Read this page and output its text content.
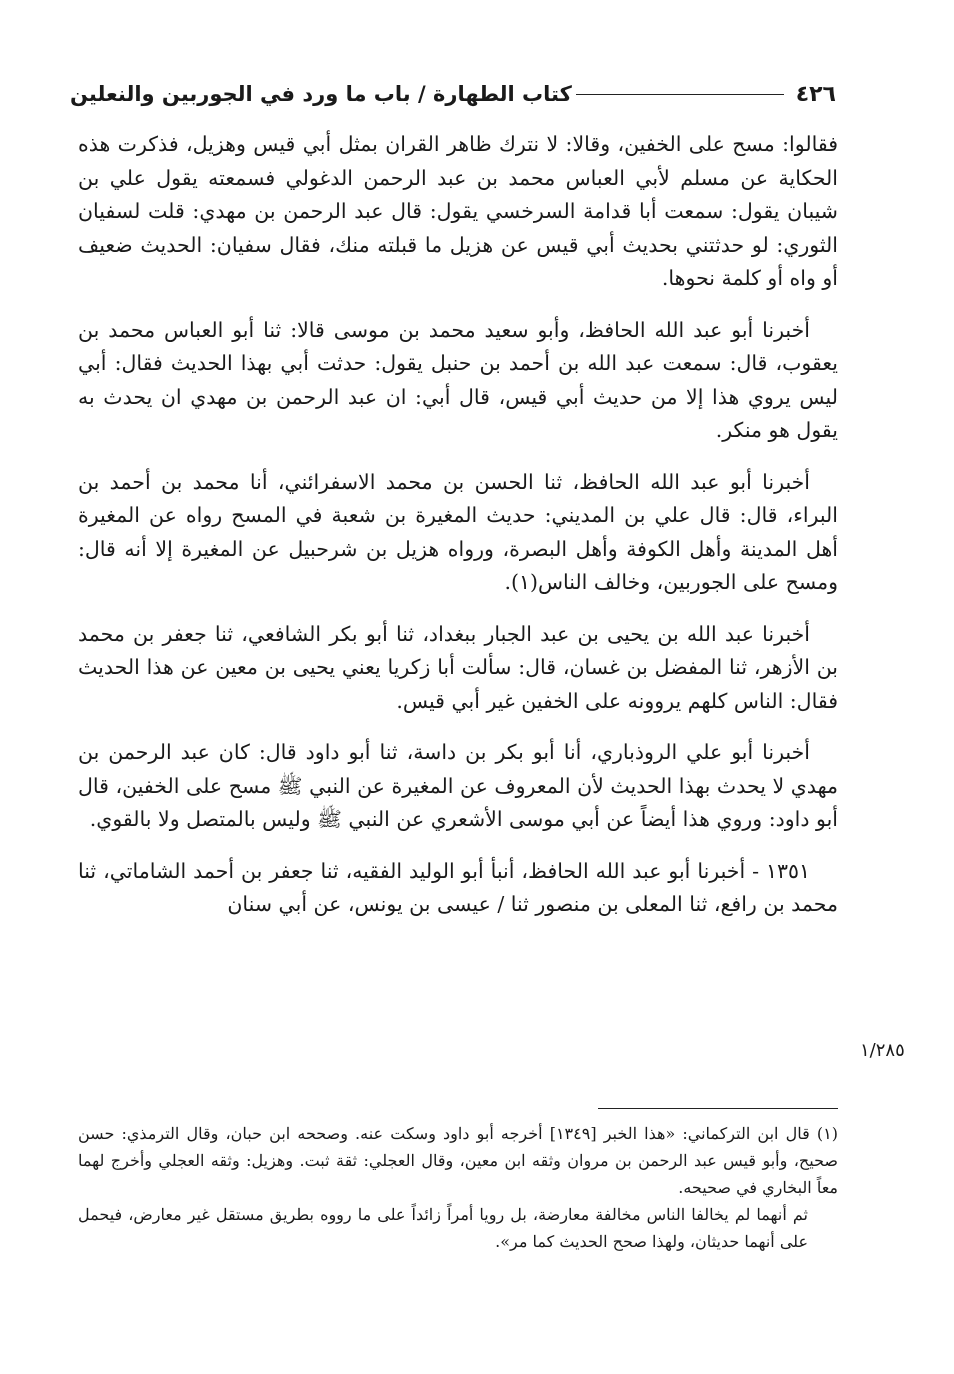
٤٢٦
كتاب الطهارة / باب ما ورد في الجوربين والنعلين

فقالوا: مسح على الخفين، وقالا: لا نترك ظاهر القران بمثل أبي قيس وهزيل، فذكرت هذه الحكاية عن مسلم لأبي العباس محمد بن عبد الرحمن الدغولي فسمعته يقول علي بن شيبان يقول: سمعت أبا قدامة السرخسي يقول: قال عبد الرحمن بن مهدي: قلت لسفيان الثوري: لو حدثتني بحديث أبي قيس عن هزيل ما قبلته منك، فقال سفيان: الحديث ضعيف أو واه أو كلمة نحوها.

أخبرنا أبو عبد الله الحافظ، وأبو سعيد محمد بن موسى قالا: ثنا أبو العباس محمد بن يعقوب، قال: سمعت عبد الله بن أحمد بن حنبل يقول: حدثت أبي بهذا الحديث فقال: أبي ليس يروي هذا إلا من حديث أبي قيس، قال أبي: ان عبد الرحمن بن مهدي ان يحدث به يقول هو منكر.

أخبرنا أبو عبد الله الحافظ، ثنا الحسن بن محمد الاسفرائني، أنا محمد بن أحمد بن البراء، قال: قال علي بن المديني: حديث المغيرة بن شعبة في المسح رواه عن المغيرة أهل المدينة وأهل الكوفة وأهل البصرة، ورواه هزيل بن شرحبيل عن المغيرة إلا أنه قال: ومسح على الجوربين، وخالف الناس(١).

أخبرنا عبد الله بن يحيى بن عبد الجبار ببغداد، ثنا أبو بكر الشافعي، ثنا جعفر بن محمد بن الأزهر، ثنا المفضل بن غسان، قال: سألت أبا زكريا يعني يحيى بن معين عن هذا الحديث فقال: الناس كلهم يروونه على الخفين غير أبي قيس.

أخبرنا أبو علي الروذباري، أنا أبو بكر بن داسة، ثنا أبو داود قال: كان عبد الرحمن بن مهدي لا يحدث بهذا الحديث لأن المعروف عن المغيرة عن النبي ﷺ مسح على الخفين، قال أبو داود: وروي هذا أيضاً عن أبي موسى الأشعري عن النبي ﷺ وليس بالمتصل ولا بالقوي.

١٣٥١ - أخبرنا أبو عبد الله الحافظ، أنبأ أبو الوليد الفقيه، ثنا جعفر بن أحمد الشاماتي، ثنا محمد بن رافع، ثنا المعلى بن منصور ثنا / عيسى بن يونس، عن أبي سنان

١/٢٨٥

(١) قال ابن التركماني: «هذا الخبر [١٣٤٩] أخرجه أبو داود وسكت عنه. وصححه ابن حبان، وقال الترمذي: حسن صحيح، وأبو قيس عبد الرحمن بن مروان وثقه ابن معين، وقال العجلي: ثقة ثبت. وهزيل: وثقه العجلي وأخرج لهما معاً البخاري في صحيحه.

ثم أنهما لم يخالفا الناس مخالفة معارضة، بل رويا أمراً زائداً على ما رووه بطريق مستقل غير معارض، فيحمل على أنهما حديثان، ولهذا صحح الحديث كما مر».
